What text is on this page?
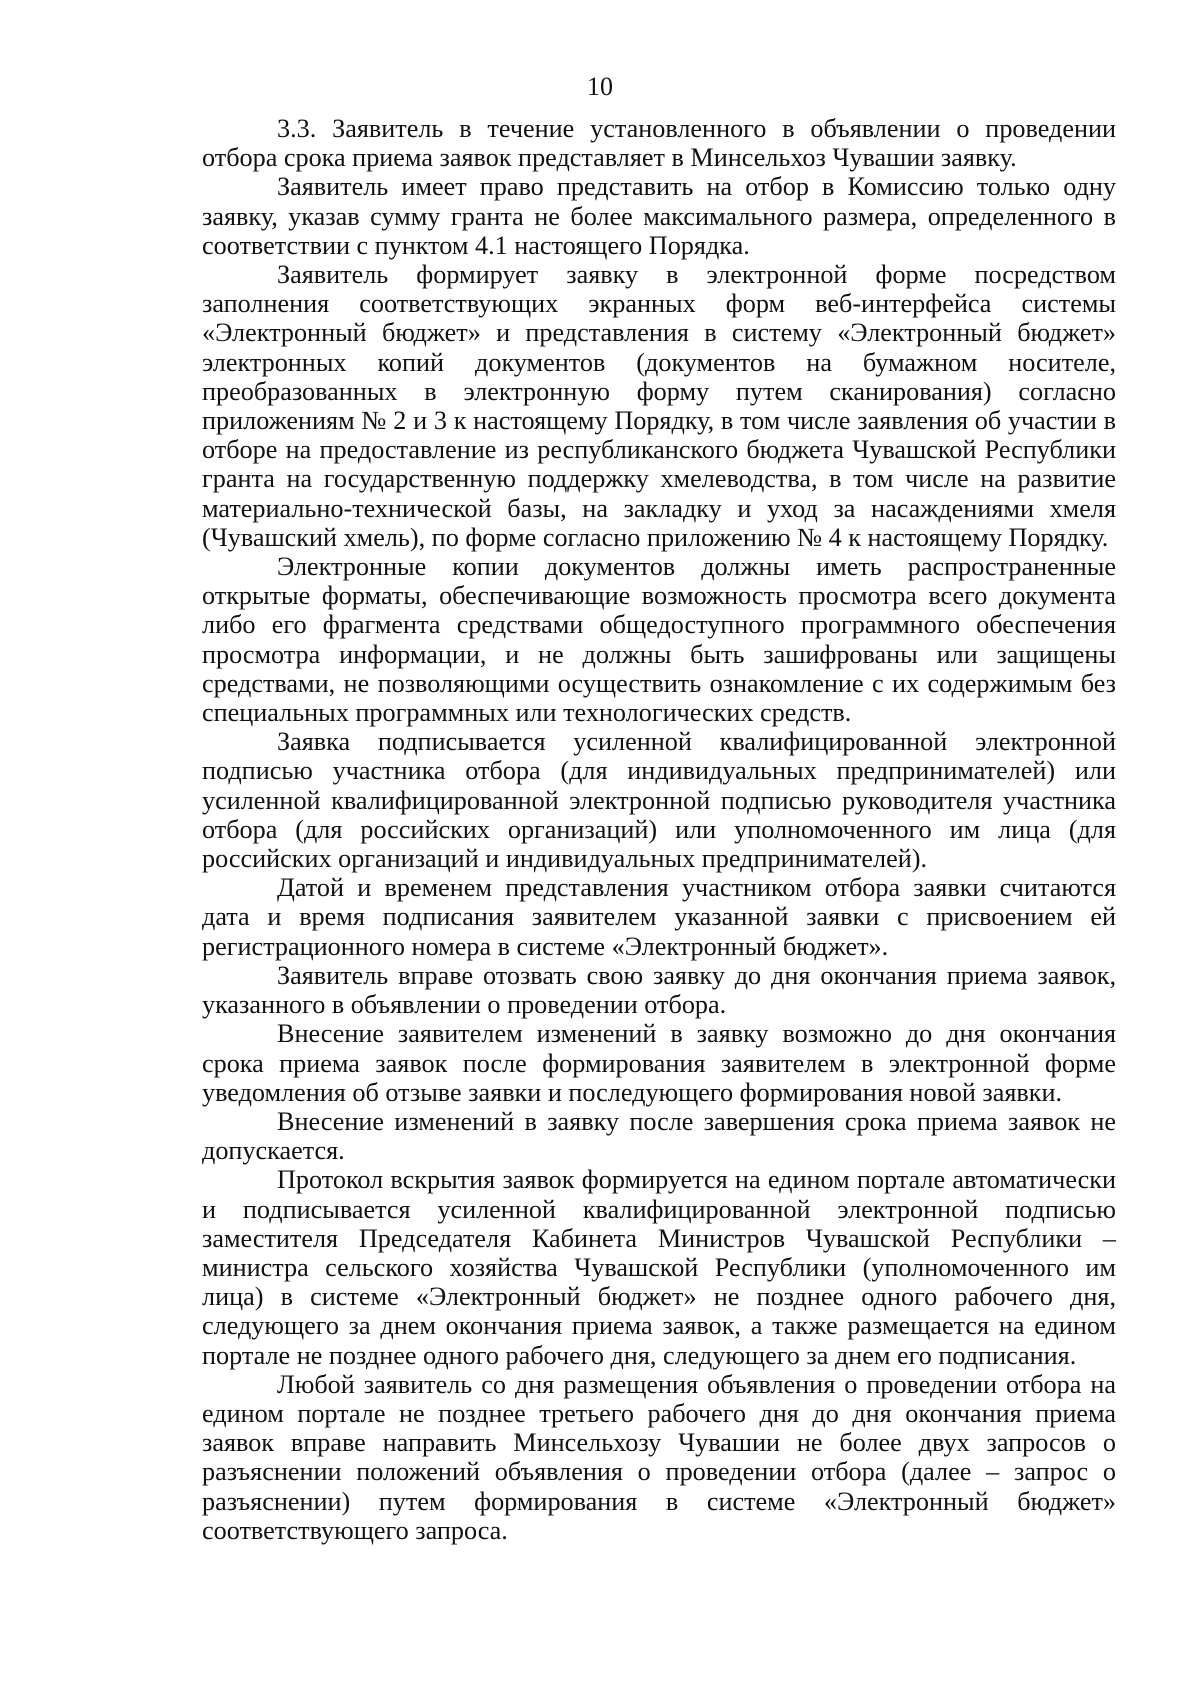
10

3.3. Заявитель в течение установленного в объявлении о проведении отбора срока приема заявок представляет в Минсельхоз Чувашии заявку.

Заявитель имеет право представить на отбор в Комиссию только одну заявку, указав сумму гранта не более максимального размера, определенного в соответствии с пунктом 4.1 настоящего Порядка.

Заявитель формирует заявку в электронной форме посредством заполнения соответствующих экранных форм веб-интерфейса системы «Электронный бюджет» и представления в систему «Электронный бюджет» электронных копий документов (документов на бумажном носителе, преобразованных в электронную форму путем сканирования) согласно приложениям № 2 и 3 к настоящему Порядку, в том числе заявления об участии в отборе на предоставление из республиканского бюджета Чувашской Республики гранта на государственную поддержку хмелеводства, в том числе на развитие материально-технической базы, на закладку и уход за насаждениями хмеля (Чувашский хмель), по форме согласно приложению № 4 к настоящему Порядку.

Электронные копии документов должны иметь распространенные открытые форматы, обеспечивающие возможность просмотра всего документа либо его фрагмента средствами общедоступного программного обеспечения просмотра информации, и не должны быть зашифрованы или защищены средствами, не позволяющими осуществить ознакомление с их содержимым без специальных программных или технологических средств.

Заявка подписывается усиленной квалифицированной электронной подписью участника отбора (для индивидуальных предпринимателей) или усиленной квалифицированной электронной подписью руководителя участника отбора (для российских организаций) или уполномоченного им лица (для российских организаций и индивидуальных предпринимателей).

Датой и временем представления участником отбора заявки считаются дата и время подписания заявителем указанной заявки с присвоением ей регистрационного номера в системе «Электронный бюджет».

Заявитель вправе отозвать свою заявку до дня окончания приема заявок, указанного в объявлении о проведении отбора.

Внесение заявителем изменений в заявку возможно до дня окончания срока приема заявок после формирования заявителем в электронной форме уведомления об отзыве заявки и последующего формирования новой заявки.

Внесение изменений в заявку после завершения срока приема заявок не допускается.

Протокол вскрытия заявок формируется на едином портале автоматически и подписывается усиленной квалифицированной электронной подписью заместителя Председателя Кабинета Министров Чувашской Республики – министра сельского хозяйства Чувашской Республики (уполномоченного им лица) в системе «Электронный бюджет» не позднее одного рабочего дня, следующего за днем окончания приема заявок, а также размещается на едином портале не позднее одного рабочего дня, следующего за днем его подписания.

Любой заявитель со дня размещения объявления о проведении отбора на едином портале не позднее третьего рабочего дня до дня окончания приема заявок вправе направить Минсельхозу Чувашии не более двух запросов о разъяснении положений объявления о проведении отбора (далее – запрос о разъяснении) путем формирования в системе «Электронный бюджет» соответствующего запроса.
